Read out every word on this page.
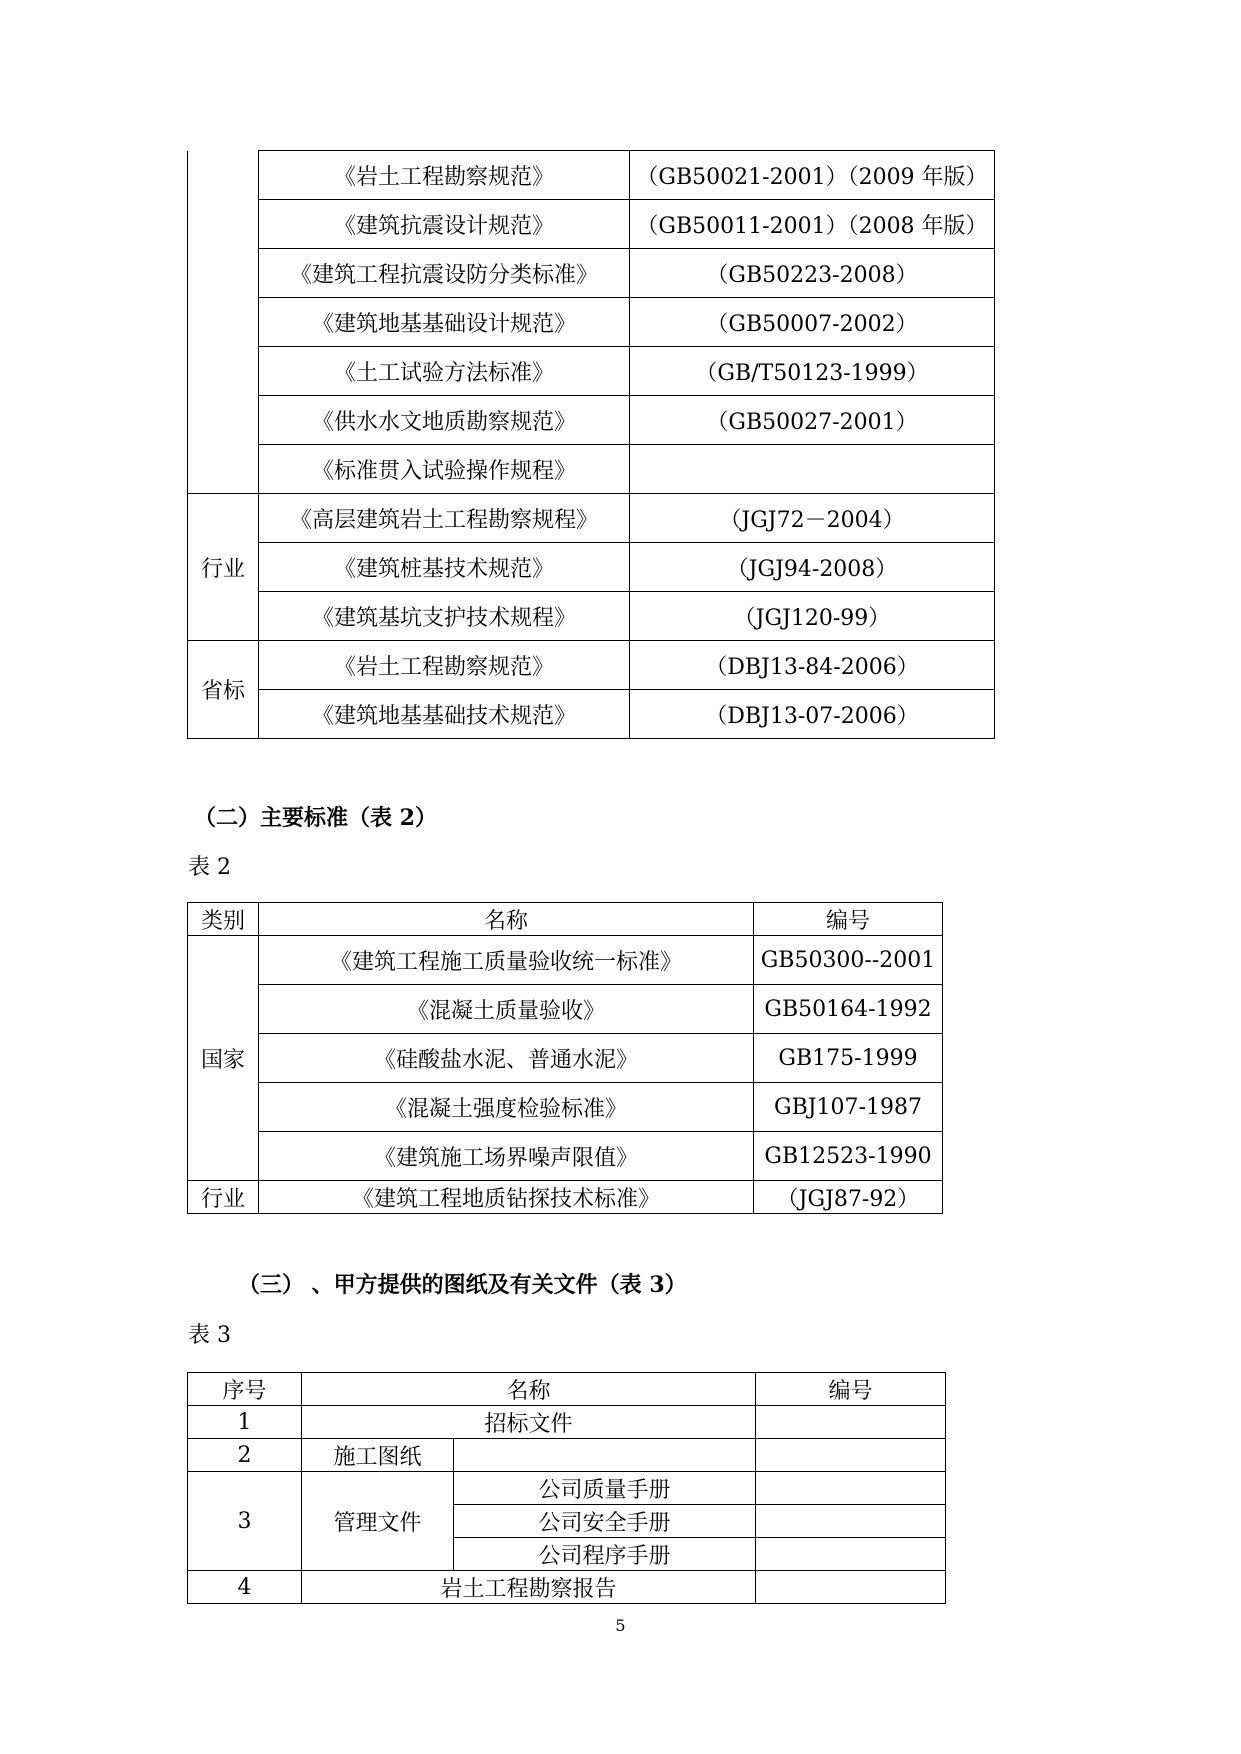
	《岩土工程勘察规范》	（GB50021-2001）（2009 年版）
	《建筑抗震设计规范》	（GB50011-2001）（2008 年版）
	《建筑工程抗震设防分类标准》	（GB50223-2008）
	《建筑地基基础设计规范》	（GB50007-2002）
	《土工试验方法标准》	（GB/T50123-1999）
	《供水水文地质勘察规范》	（GB50027-2001）
	《标准贯入试验操作规程》	
行业	《高层建筑岩土工程勘察规程》	（JGJ72－2004）
	《建筑桩基技术规范》	（JGJ94-2008）
	《建筑基坑支护技术规程》	（JGJ120-99）
省标	《岩土工程勘察规范》	（DBJ13-84-2006）
	《建筑地基基础技术规范》	（DBJ13-07-2006）
（二）主要标准（表 2）
表 2
类别	名称	编号
国家	《建筑工程施工质量验收统一标准》	GB50300--2001
	《混凝土质量验收》	GB50164-1992
	《硅酸盐水泥、普通水泥》	GB175-1999
	《混凝土强度检验标准》	GBJ107-1987
	《建筑施工场界噪声限值》	GB12523-1990
行业	《建筑工程地质钻探技术标准》	（JGJ87-92）
（三） 、甲方提供的图纸及有关文件（表 3）
表 3
序号	名称		编号
1	招标文件		
2	施工图纸		
3	管理文件	公司质量手册	
		公司安全手册	
		公司程序手册	
4	岩土工程勘察报告		
5
